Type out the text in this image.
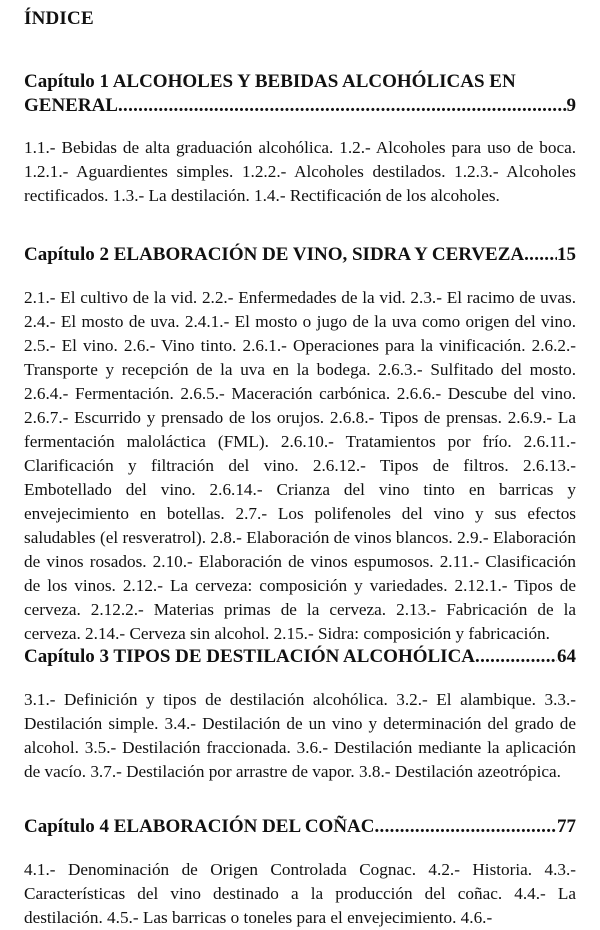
ÍNDICE
Capítulo 1 ALCOHOLES Y BEBIDAS ALCOHÓLICAS EN
GENERAL .....	9

1.1.- Bebidas de alta graduación alcohólica. 1.2.- Alcoholes para uso de boca. 1.2.1.- Aguardientes simples. 1.2.2.- Alcoholes destilados. 1.2.3.- Alcoholes rectificados. 1.3.- La destilación. 1.4.- Rectificación de los alcoholes.

Capítulo 2 ELABORACIÓN DE VINO, SIDRA Y CERVEZA ..... 15

2.1.- El cultivo de la vid. 2.2.- Enfermedades de la vid. 2.3.- El racimo de uvas. 2.4.- El mosto de uva. 2.4.1.- El mosto o jugo de la uva como origen del vino. 2.5.- El vino. 2.6.- Vino tinto. 2.6.1.- Operaciones para la vinificación. 2.6.2.- Transporte y recepción de la uva en la bodega. 2.6.3.- Sulfitado del mosto. 2.6.4.- Fermentación. 2.6.5.- Maceración carbónica. 2.6.6.- Descube del vino. 2.6.7.- Escurrido y prensado de los orujos. 2.6.8.- Tipos de prensas. 2.6.9.- La fermentación maloláctica (FML). 2.6.10.- Tratamientos por frío. 2.6.11.- Clarificación y filtración del vino. 2.6.12.- Tipos de filtros. 2.6.13.- Embotellado del vino. 2.6.14.- Crianza del vino tinto en barricas y envejecimiento en botellas. 2.7.- Los polifenoles del vino y sus efectos saludables (el resveratrol). 2.8.- Elaboración de vinos blancos. 2.9.- Elaboración de vinos rosados. 2.10.- Elaboración de vinos espumosos. 2.11.- Clasificación de los vinos. 2.12.- La cerveza: composición y variedades. 2.12.1.- Tipos de cerveza. 2.12.2.- Materias primas de la cerveza. 2.13.- Fabricación de la cerveza. 2.14.- Cerveza sin alcohol. 2.15.- Sidra: composición y fabricación.

Capítulo 3 TIPOS DE DESTILACIÓN ALCOHÓLICA .....	64

3.1.- Definición y tipos de destilación alcohólica. 3.2.- El alambique. 3.3.- Destilación simple. 3.4.- Destilación de un vino y determinación del grado de alcohol. 3.5.- Destilación fraccionada. 3.6.- Destilación mediante la aplicación de vacío. 3.7.- Destilación por arrastre de vapor. 3.8.- Destilación azeotrópica.

Capítulo 4 ELABORACIÓN DEL COÑAC .....	77

4.1.- Denominación de Origen Controlada Cognac. 4.2.- Historia. 4.3.- Características del vino destinado a la producción del coñac. 4.4.- La destilación. 4.5.- Las barricas o toneles para el envejecimiento. 4.6.-
